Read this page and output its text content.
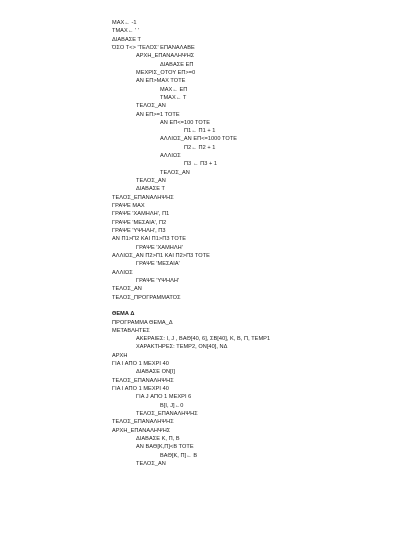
ΜΑΧ← -1
ΤΜΑΧ← ' '
ΔΙΑΒΑΣΕ Τ
ΌΣΟ Τ<> 'ΤΕΛΟΣ' ΕΠΑΝΑΛΑΒΕ
ΑΡΧΗ_ΕΠΑΝΑΛΗΨΗΣ
ΔΙΑΒΑΣΕ ΕΠ
ΜΕΧΡΙΣ_ΟΤΟΥ ΕΠ>=0
ΑΝ ΕΠ>ΜΑΧ ΤΟΤΕ
ΜΑΧ← ΕΠ
ΤΜΑΧ← Τ
ΤΕΛΟΣ_ΑΝ
ΑΝ ΕΠ>=1 ΤΟΤΕ
ΑΝ ΕΠ<=100 ΤΟΤΕ
Π1← Π1 + 1
ΑΛΛΙΩΣ_ΑΝ ΕΠ<=1000 ΤΟΤΕ
Π2← Π2 + 1
ΑΛΛΙΩΣ
Π3 ← Π3 + 1
ΤΕΛΟΣ_ΑΝ
ΤΕΛΟΣ_ΑΝ
ΔΙΑΒΑΣΕ Τ
ΤΕΛΟΣ_ΕΠΑΝΑΛΗΨΗΣ
ΓΡΑΨΕ ΜΑΧ
ΓΡΑΨΕ 'ΧΑΜΗΛΗ', Π1
ΓΡΑΨΕ 'ΜΕΣΑΙΑ', Π2
ΓΡΑΨΕ 'ΥΨΗΛΗ', Π3
ΑΝ Π1>Π2 ΚΑΙ Π1>Π3 ΤΟΤΕ
ΓΡΑΨΕ 'ΧΑΜΗΛΗ'
ΑΛΛΙΩΣ_ΑΝ Π2>Π1 ΚΑΙ Π2>Π3 ΤΟΤΕ
ΓΡΑΨΕ 'ΜΕΣΑΙΑ'
ΑΛΛΙΩΣ
ΓΡΑΨΕ 'ΥΨΗΛΗ'
ΤΕΛΟΣ_ΑΝ
ΤΕΛΟΣ_ΠΡΟΓΡΑΜΜΑΤΟΣ
ΘΕΜΑ Δ
ΠΡΟΓΡΑΜΜΑ ΘΕΜΑ_Δ
ΜΕΤΑΒΛΗΤΕΣ
ΑΚΕΡΑΙΕΣ: I, J , ΒΑΘ[40, 6], ΣΒ[40], Κ, Β, Π, ΤΕΜΡ1
ΧΑΡΑΚΤΗΡΕΣ: ΤΕΜΡ2, ΟΝ[40], ΝΔ
ΑΡΧΗ
ΓΙΑ Ι ΑΠΟ 1 ΜΕΧΡΙ 40
ΔΙΑΒΑΣΕ ΟΝ[Ι]
ΤΕΛΟΣ_ΕΠΑΝΑΛΗΨΗΣ
ΓΙΑ Ι ΑΠΟ 1 ΜΕΧΡΙ 40
ΓΙΑ J ΑΠΟ 1 ΜΕΧΡΙ 6
Β[Ι, J]←0
ΤΕΛΟΣ_ΕΠΑΝΑΛΗΨΗΣ
ΤΕΛΟΣ_ΕΠΑΝΑΛΗΨΗΣ
ΑΡΧΗ_ΕΠΑΝΑΛΗΨΗΣ
ΔΙΑΒΑΣΕ Κ, Π, Β
ΑΝ ΒΑΘ[Κ,Π]<Β ΤΟΤΕ
ΒΑΘ[Κ, Π]← Β
ΤΕΛΟΣ_ΑΝ
